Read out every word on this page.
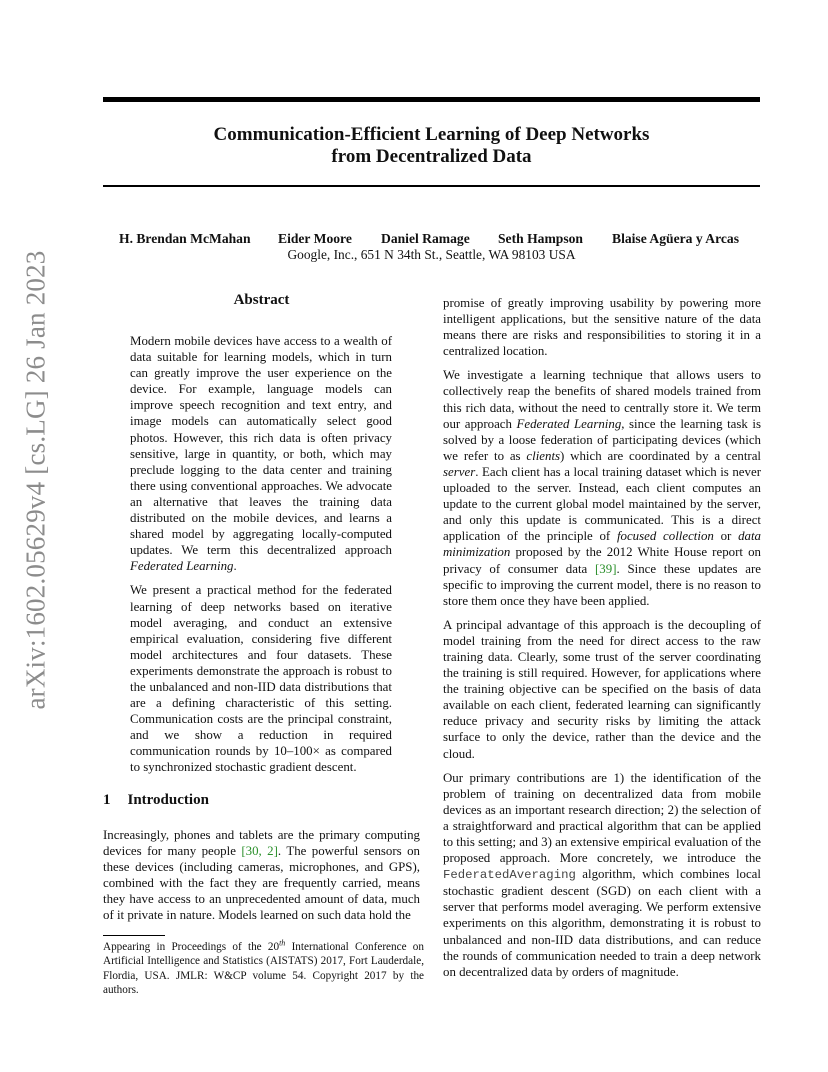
arXiv:1602.05629v4 [cs.LG] 26 Jan 2023
Communication-Efficient Learning of Deep Networks
from Decentralized Data
H. Brendan McMahan Eider Moore Daniel Ramage Seth Hampson Blaise Agüera y Arcas
Google, Inc., 651 N 34th St., Seattle, WA 98103 USA
Abstract

Modern mobile devices have access to a wealth of data suitable for learning models, which in turn can greatly improve the user experience on the device. For example, language models can improve speech recognition and text entry, and image models can automatically select good photos. However, this rich data is often privacy sensitive, large in quantity, or both, which may preclude logging to the data center and training there using conventional approaches. We advocate an alternative that leaves the training data distributed on the mobile devices, and learns a shared model by aggregating locally-computed updates. We term this decentralized approach Federated Learning.

We present a practical method for the federated learning of deep networks based on iterative model averaging, and conduct an extensive empirical evaluation, considering five different model architectures and four datasets. These experiments demonstrate the approach is robust to the unbalanced and non-IID data distributions that are a defining characteristic of this setting. Communication costs are the principal constraint, and we show a reduction in required communication rounds by 10–100× as compared to synchronized stochastic gradient descent.

1 Introduction

Increasingly, phones and tablets are the primary computing devices for many people [30, 2]. The powerful sensors on these devices (including cameras, microphones, and GPS), combined with the fact they are frequently carried, means they have access to an unprecedented amount of data, much of it private in nature. Models learned on such data hold the

Appearing in Proceedings of the 20th International Conference on Artificial Intelligence and Statistics (AISTATS) 2017, Fort Lauderdale, Flordia, USA. JMLR: W&CP volume 54. Copyright 2017 by the authors.

promise of greatly improving usability by powering more intelligent applications, but the sensitive nature of the data means there are risks and responsibilities to storing it in a centralized location.

We investigate a learning technique that allows users to collectively reap the benefits of shared models trained from this rich data, without the need to centrally store it. We term our approach Federated Learning, since the learning task is solved by a loose federation of participating devices (which we refer to as clients) which are coordinated by a central server. Each client has a local training dataset which is never uploaded to the server. Instead, each client computes an update to the current global model maintained by the server, and only this update is communicated. This is a direct application of the principle of focused collection or data minimization proposed by the 2012 White House report on privacy of consumer data [39]. Since these updates are specific to improving the current model, there is no reason to store them once they have been applied.

A principal advantage of this approach is the decoupling of model training from the need for direct access to the raw training data. Clearly, some trust of the server coordinating the training is still required. However, for applications where the training objective can be specified on the basis of data available on each client, federated learning can significantly reduce privacy and security risks by limiting the attack surface to only the device, rather than the device and the cloud.

Our primary contributions are 1) the identification of the problem of training on decentralized data from mobile devices as an important research direction; 2) the selection of a straightforward and practical algorithm that can be applied to this setting; and 3) an extensive empirical evaluation of the proposed approach. More concretely, we introduce the FederatedAveraging algorithm, which combines local stochastic gradient descent (SGD) on each client with a server that performs model averaging. We perform extensive experiments on this algorithm, demonstrating it is robust to unbalanced and non-IID data distributions, and can reduce the rounds of communication needed to train a deep network on decentralized data by orders of magnitude.
